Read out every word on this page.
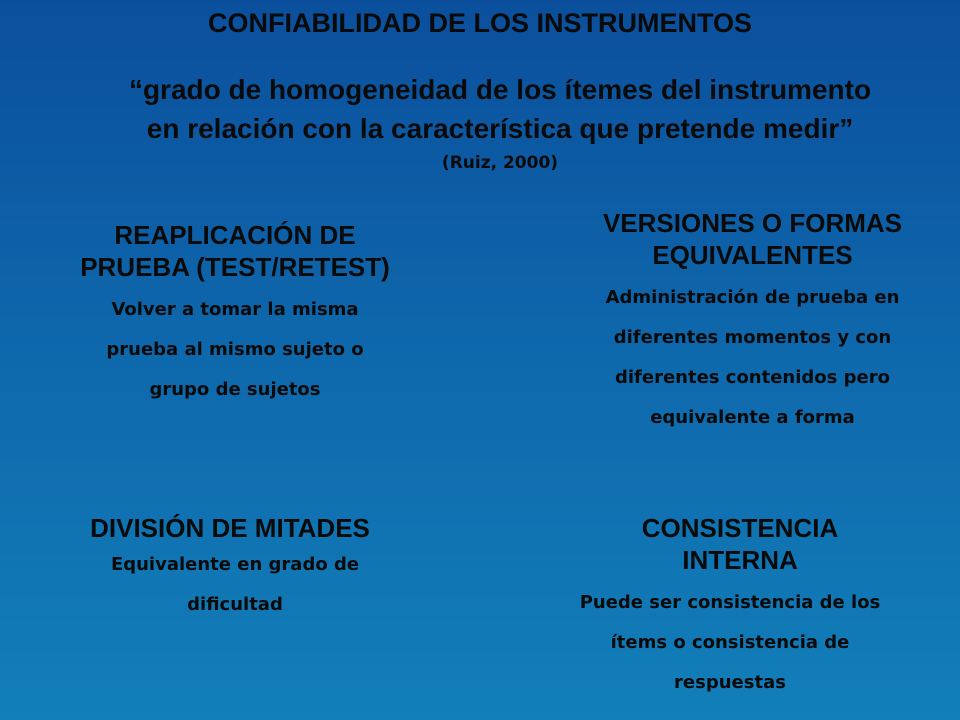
CONFIABILIDAD DE LOS INSTRUMENTOS
“grado de homogeneidad de los ítemes del instrumento
en relación con la característica que pretende medir”
(Ruiz, 2000)
REAPLICACIÓN DE
PRUEBA (TEST/RETEST)
Volver a tomar la misma
prueba al mismo sujeto o
grupo de sujetos
VERSIONES O FORMAS
EQUIVALENTES
Administración de prueba en
diferentes momentos y con
diferentes contenidos pero
equivalente a forma
DIVISIÓN DE MITADES
Equivalente en grado de
dificultad
CONSISTENCIA
INTERNA
Puede ser consistencia de los
ítems o consistencia de
respuestas
